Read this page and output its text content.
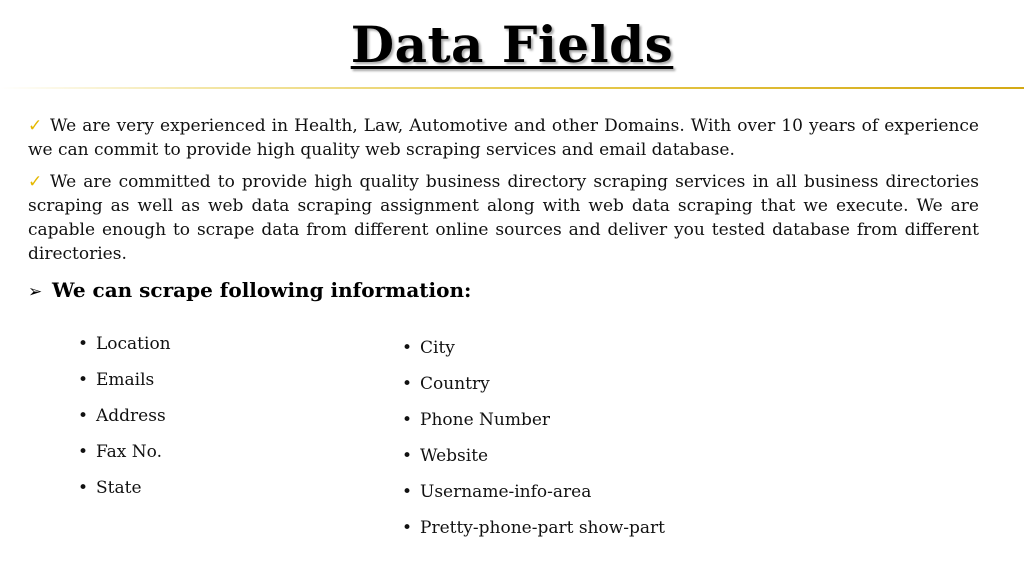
Data Fields
✓ We are very experienced in Health, Law, Automotive and other Domains. With over 10 years of experience we can commit to provide high quality web scraping services and email database.
✓ We are committed to provide high quality business directory scraping services in all business directories scraping as well as web data scraping assignment along with web data scraping that we execute. We are capable enough to scrape data from different online sources and deliver you tested database from different directories.
➢ We can scrape following information:
• Location
• Emails
• Address
• Fax No.
• State
• City
• Country
• Phone Number
• Website
• Username-info-area
• Pretty-phone-part show-part
